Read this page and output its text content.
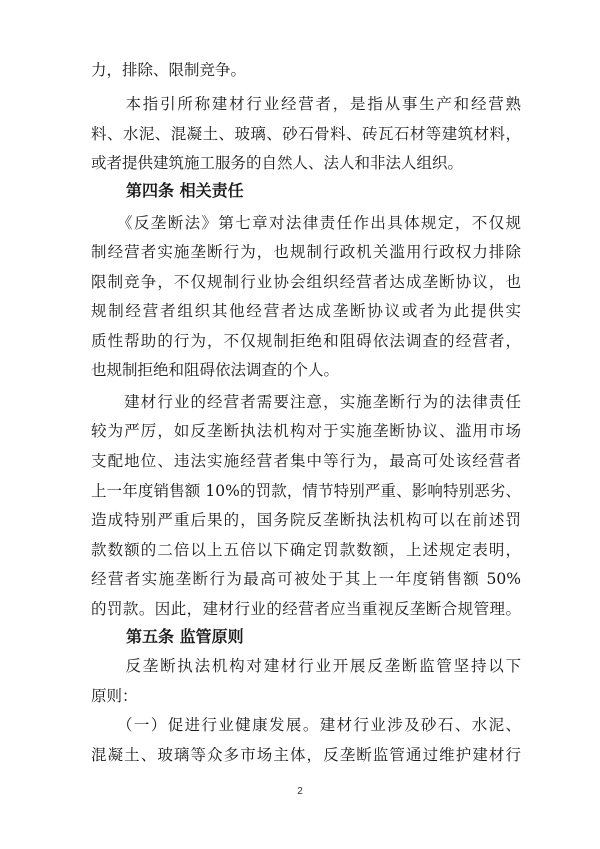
力，排除、限制竞争。
　　本指引所称建材行业经营者，是指从事生产和经营熟
料、水泥、混凝土、玻璃、砂石骨料、砖瓦石材等建筑材料，
或者提供建筑施工服务的自然人、法人和非法人组织。
第四条 相关责任
　　《反垄断法》第七章对法律责任作出具体规定，不仅规
制经营者实施垄断行为，也规制行政机关滥用行政权力排除
限制竞争，不仅规制行业协会组织经营者达成垄断协议，也
规制经营者组织其他经营者达成垄断协议或者为此提供实
质性帮助的行为，不仅规制拒绝和阻碍依法调查的经营者，
也规制拒绝和阻碍依法调查的个人。
　　建材行业的经营者需要注意，实施垄断行为的法律责任
较为严厉，如反垄断执法机构对于实施垄断协议、滥用市场
支配地位、违法实施经营者集中等行为，最高可处该经营者
上一年度销售额 10%的罚款，情节特别严重、影响特别恶劣、
造成特别严重后果的，国务院反垄断执法机构可以在前述罚
款数额的二倍以上五倍以下确定罚款数额，上述规定表明，
经营者实施垄断行为最高可被处于其上一年度销售额 50%
的罚款。因此，建材行业的经营者应当重视反垄断合规管理。
第五条 监管原则
　　反垄断执法机构对建材行业开展反垄断监管坚持以下
原则：
　　（一）促进行业健康发展。建材行业涉及砂石、水泥、
混凝土、玻璃等众多市场主体，反垄断监管通过维护建材行
2
